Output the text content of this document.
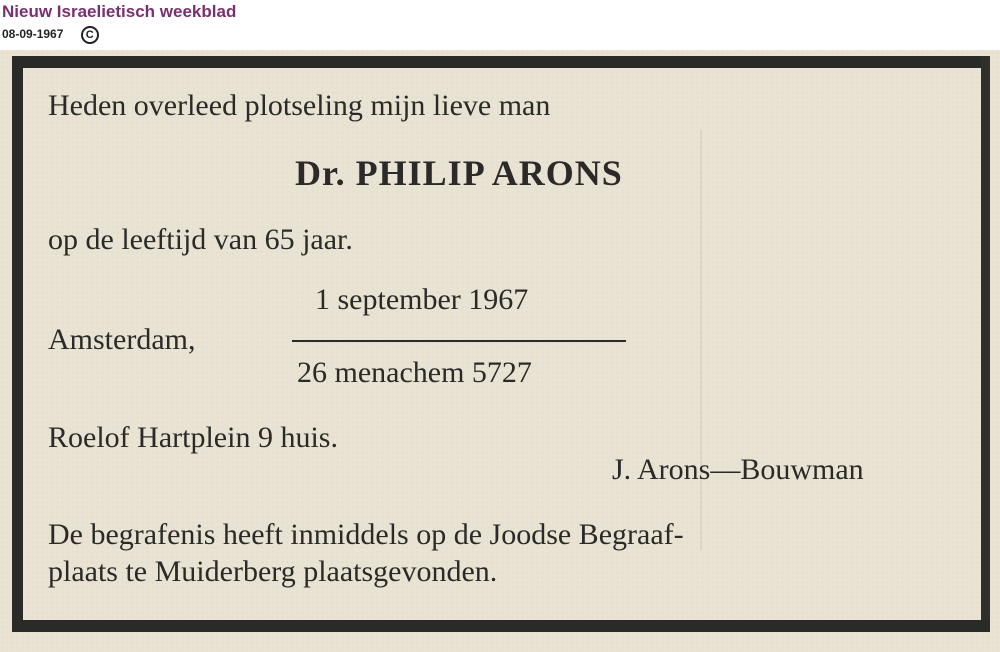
Nieuw Israelietisch weekblad
08-09-1967 C

Heden overleed plotseling mijn lieve man

Dr. PHILIP ARONS

op de leeftijd van 65 jaar.

1 september 1967

Amsterdam,

26 menachem 5727

Roelof Hartplein 9 huis.

J. Arons—Bouwman

De begrafenis heeft inmiddels op de Joodse Begraaf-

plaats te Muiderberg plaatsgevonden.
